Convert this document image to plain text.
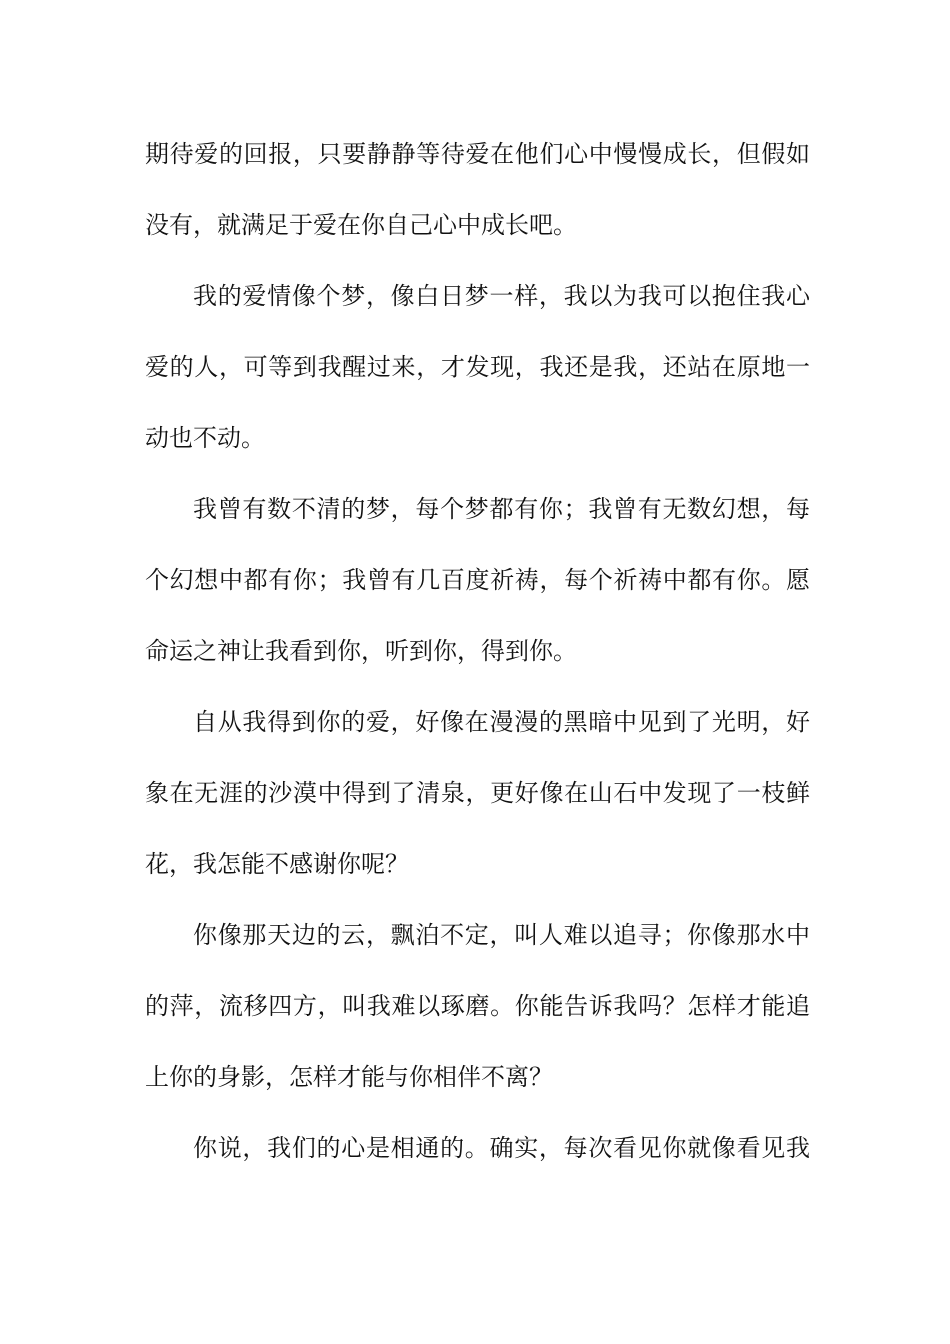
期待爱的回报，只要静静等待爱在他们心中慢慢成长，但假如
没有，就满足于爱在你自己心中成长吧。
我的爱情像个梦，像白日梦一样，我以为我可以抱住我心
爱的人，可等到我醒过来，才发现，我还是我，还站在原地一
动也不动。
我曾有数不清的梦，每个梦都有你；我曾有无数幻想，每
个幻想中都有你；我曾有几百度祈祷，每个祈祷中都有你。愿
命运之神让我看到你，听到你，得到你。
自从我得到你的爱，好像在漫漫的黑暗中见到了光明，好
象在无涯的沙漠中得到了清泉，更好像在山石中发现了一枝鲜
花，我怎能不感谢你呢？
你像那天边的云，飘泊不定，叫人难以追寻；你像那水中
的萍，流移四方，叫我难以琢磨。你能告诉我吗？怎样才能追
上你的身影，怎样才能与你相伴不离？
你说，我们的心是相通的。确实，每次看见你就像看见我
